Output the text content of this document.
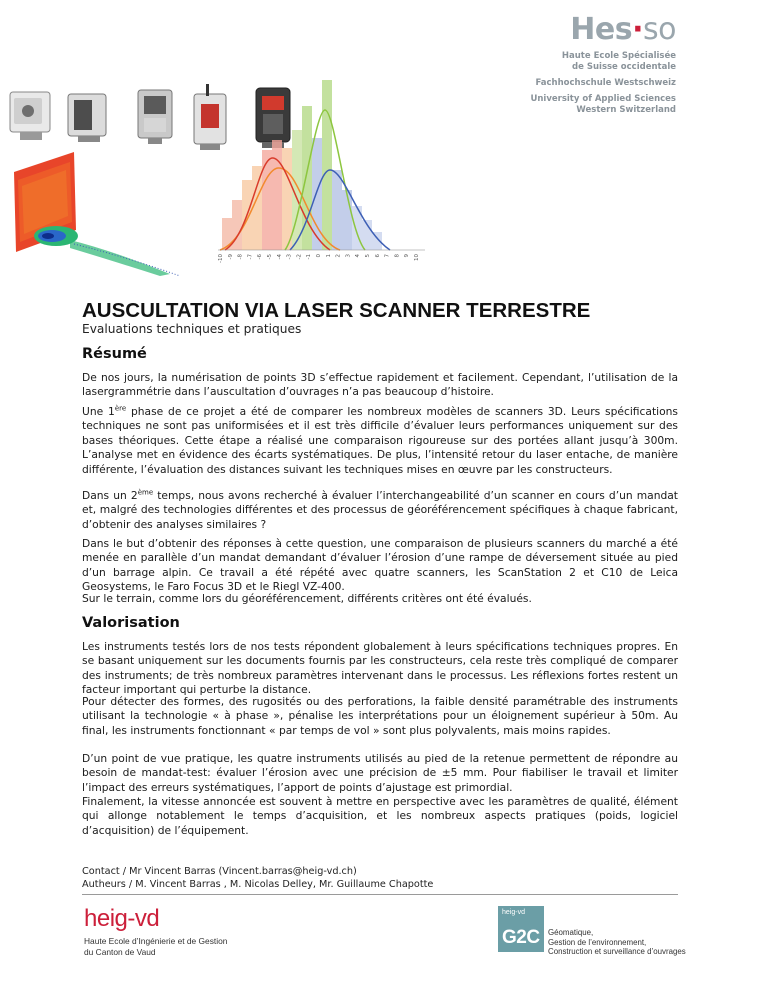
Hes·so
Haute Ecole Spécialisée
de Suisse occidentale
Fachhochschule Westschweiz
University of Applied Sciences
Western Switzerland
-10 -9 -8 -7 -6 -5 -4 -3 -2 -1 0 1 2 3 4 5 6 7 8 9 10
AUSCULTATION VIA LASER SCANNER TERRESTRE
Evaluations techniques et pratiques
Résumé

De nos jours, la numérisation de points 3D s’effectue rapidement et facilement. Cependant, l’utilisation de la lasergrammétrie dans l’auscultation d’ouvrages n’a pas beaucoup d’histoire.

Une 1ère phase de ce projet a été de comparer les nombreux modèles de scanners 3D. Leurs spécifications techniques ne sont pas uniformisées et il est très difficile d’évaluer leurs performances uniquement sur des bases théoriques. Cette étape a réalisé une comparaison rigoureuse sur des portées allant jusqu’à 300m. L’analyse met en évidence des écarts systématiques. De plus, l’intensité retour du laser entache, de manière différente, l’évaluation des distances suivant les techniques mises en œuvre par les constructeurs.

Dans un 2ème temps, nous avons recherché à évaluer l’interchangeabilité d’un scanner en cours d’un mandat et, malgré des technologies différentes et des processus de géoréférencement spécifiques à chaque fabricant, d’obtenir des analyses similaires ?

Dans le but d’obtenir des réponses à cette question, une comparaison de plusieurs scanners du marché a été menée en parallèle d’un mandat demandant d’évaluer l’érosion d’une rampe de déversement située au pied d’un barrage alpin. Ce travail a été répété avec quatre scanners, les ScanStation 2 et C10 de Leica Geosystems, le Faro Focus 3D et le Riegl VZ-400.

Sur le terrain, comme lors du géoréférencement, différents critères ont été évalués.

Valorisation

Les instruments testés lors de nos tests répondent globalement à leurs spécifications techniques propres. En se basant uniquement sur les documents fournis par les constructeurs, cela reste très compliqué de comparer des instruments; de très nombreux paramètres intervenant dans le processus. Les réflexions fortes restent un facteur important qui perturbe la distance.

Pour détecter des formes, des rugosités ou des perforations, la faible densité paramétrable des instruments utilisant la technologie « à phase », pénalise les interprétations pour un éloignement supérieur à 50m. Au final, les instruments fonctionnant « par temps de vol » sont plus polyvalents, mais moins rapides.

D’un point de vue pratique, les quatre instruments utilisés au pied de la retenue permettent de répondre au besoin de mandat-test: évaluer l’érosion avec une précision de ±5 mm. Pour fiabiliser le travail et limiter l’impact des erreurs systématiques, l’apport de points d’ajustage est primordial.

Finalement, la vitesse annoncée est souvent à mettre en perspective avec les paramètres de qualité, élément qui allonge notablement le temps d’acquisition, et les nombreux aspects pratiques (poids, logiciel d’acquisition) de l’équipement.

Contact / Mr Vincent Barras (Vincent.barras@heig-vd.ch)
Autheurs / M. Vincent Barras , M. Nicolas Delley, Mr. Guillaume Chapotte
heig-vd
Haute Ecole d’Ingénierie et de Gestion
du Canton de Vaud
heig-vd
G2C Géomatique,
Gestion de l’environnement,
Construction et surveillance d’ouvrages
